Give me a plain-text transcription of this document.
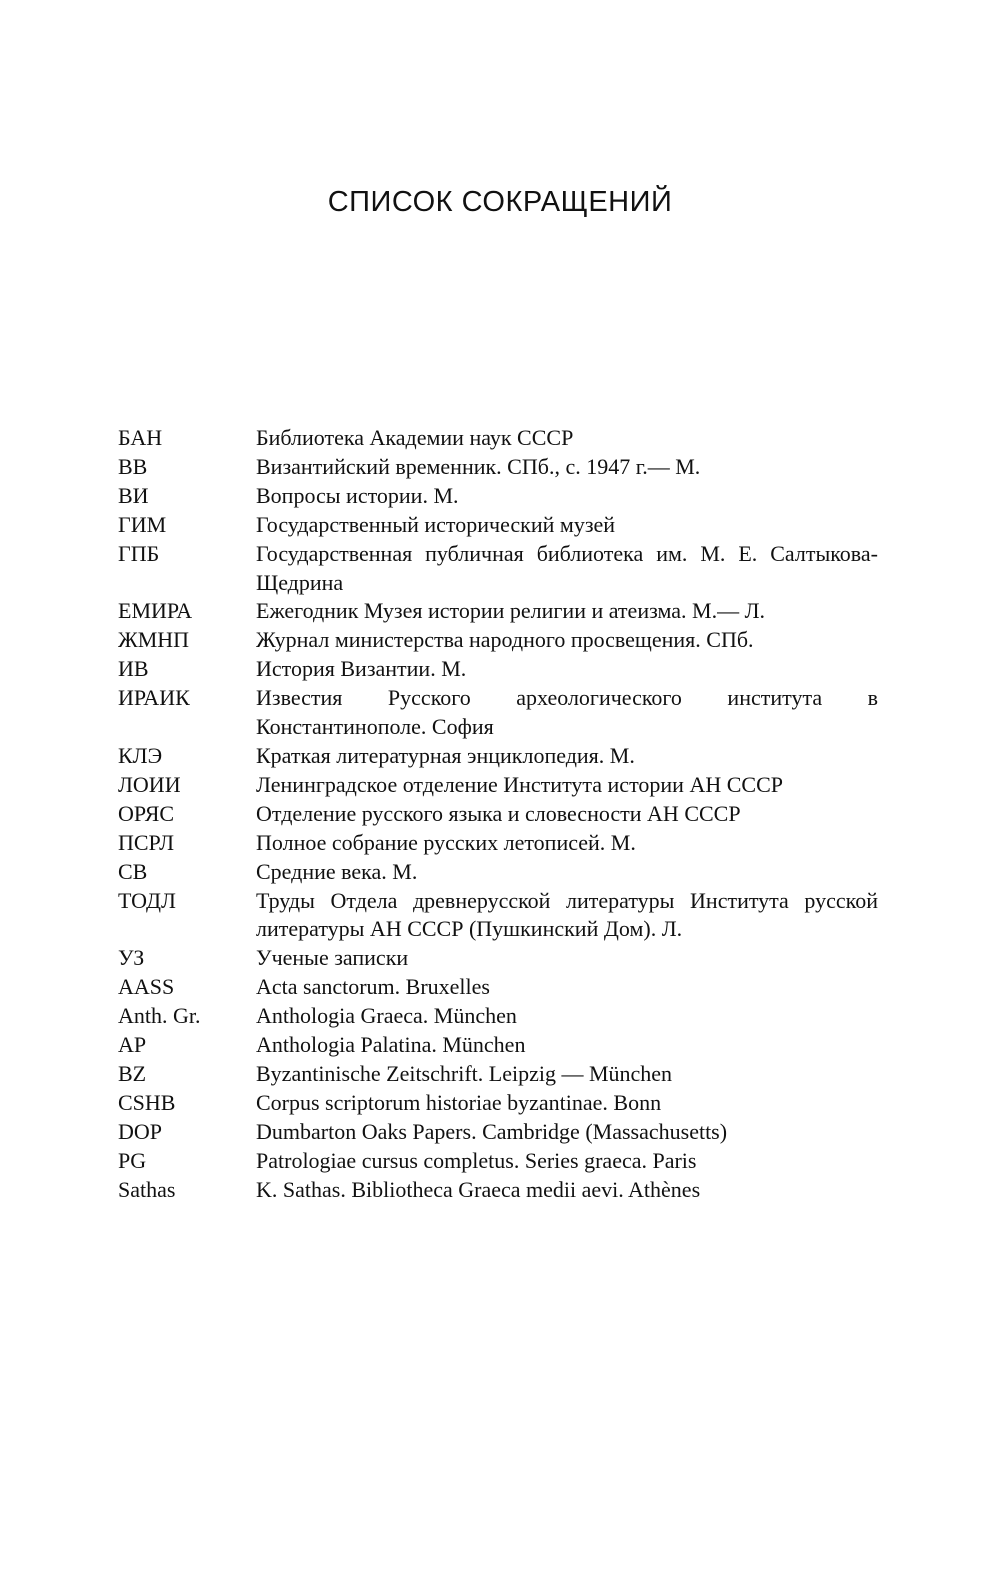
СПИСОК СОКРАЩЕНИЙ
БАН	Библиотека Академии наук СССР
ВВ	Византийский временник. СПб., с. 1947 г.— М.
ВИ	Вопросы истории. М.
ГИМ	Государственный исторический музей
ГПБ	Государственная публичная библиотека им. М. Е. Салтыкова-Щедрина
ЕМИРА	Ежегодник Музея истории религии и атеизма. М.— Л.
ЖМНП	Журнал министерства народного просвещения. СПб.
ИВ	История Византии. М.
ИРАИК	Известия Русского археологического института в Константинополе. София
КЛЭ	Краткая литературная энциклопедия. М.
ЛОИИ	Ленинградское отделение Института истории АН СССР
ОРЯС	Отделение русского языка и словесности АН СССР
ПСРЛ	Полное собрание русских летописей. М.
СВ	Средние века. М.
ТОДЛ	Труды Отдела древнерусской литературы Института русской литературы АН СССР (Пушкинский Дом). Л.
УЗ	Ученые записки
AASS	Acta sanctorum. Bruxelles
Anth. Gr.	Anthologia Graeca. München
AP	Anthologia Palatina. München
BZ	Byzantinische Zeitschrift. Leipzig — München
CSHB	Corpus scriptorum historiae byzantinae. Bonn
DOP	Dumbarton Oaks Papers. Cambridge (Massachusetts)
PG	Patrologiae cursus completus. Series graeca. Paris
Sathas	K. Sathas. Bibliotheca Graeca medii aevi. Athènes
